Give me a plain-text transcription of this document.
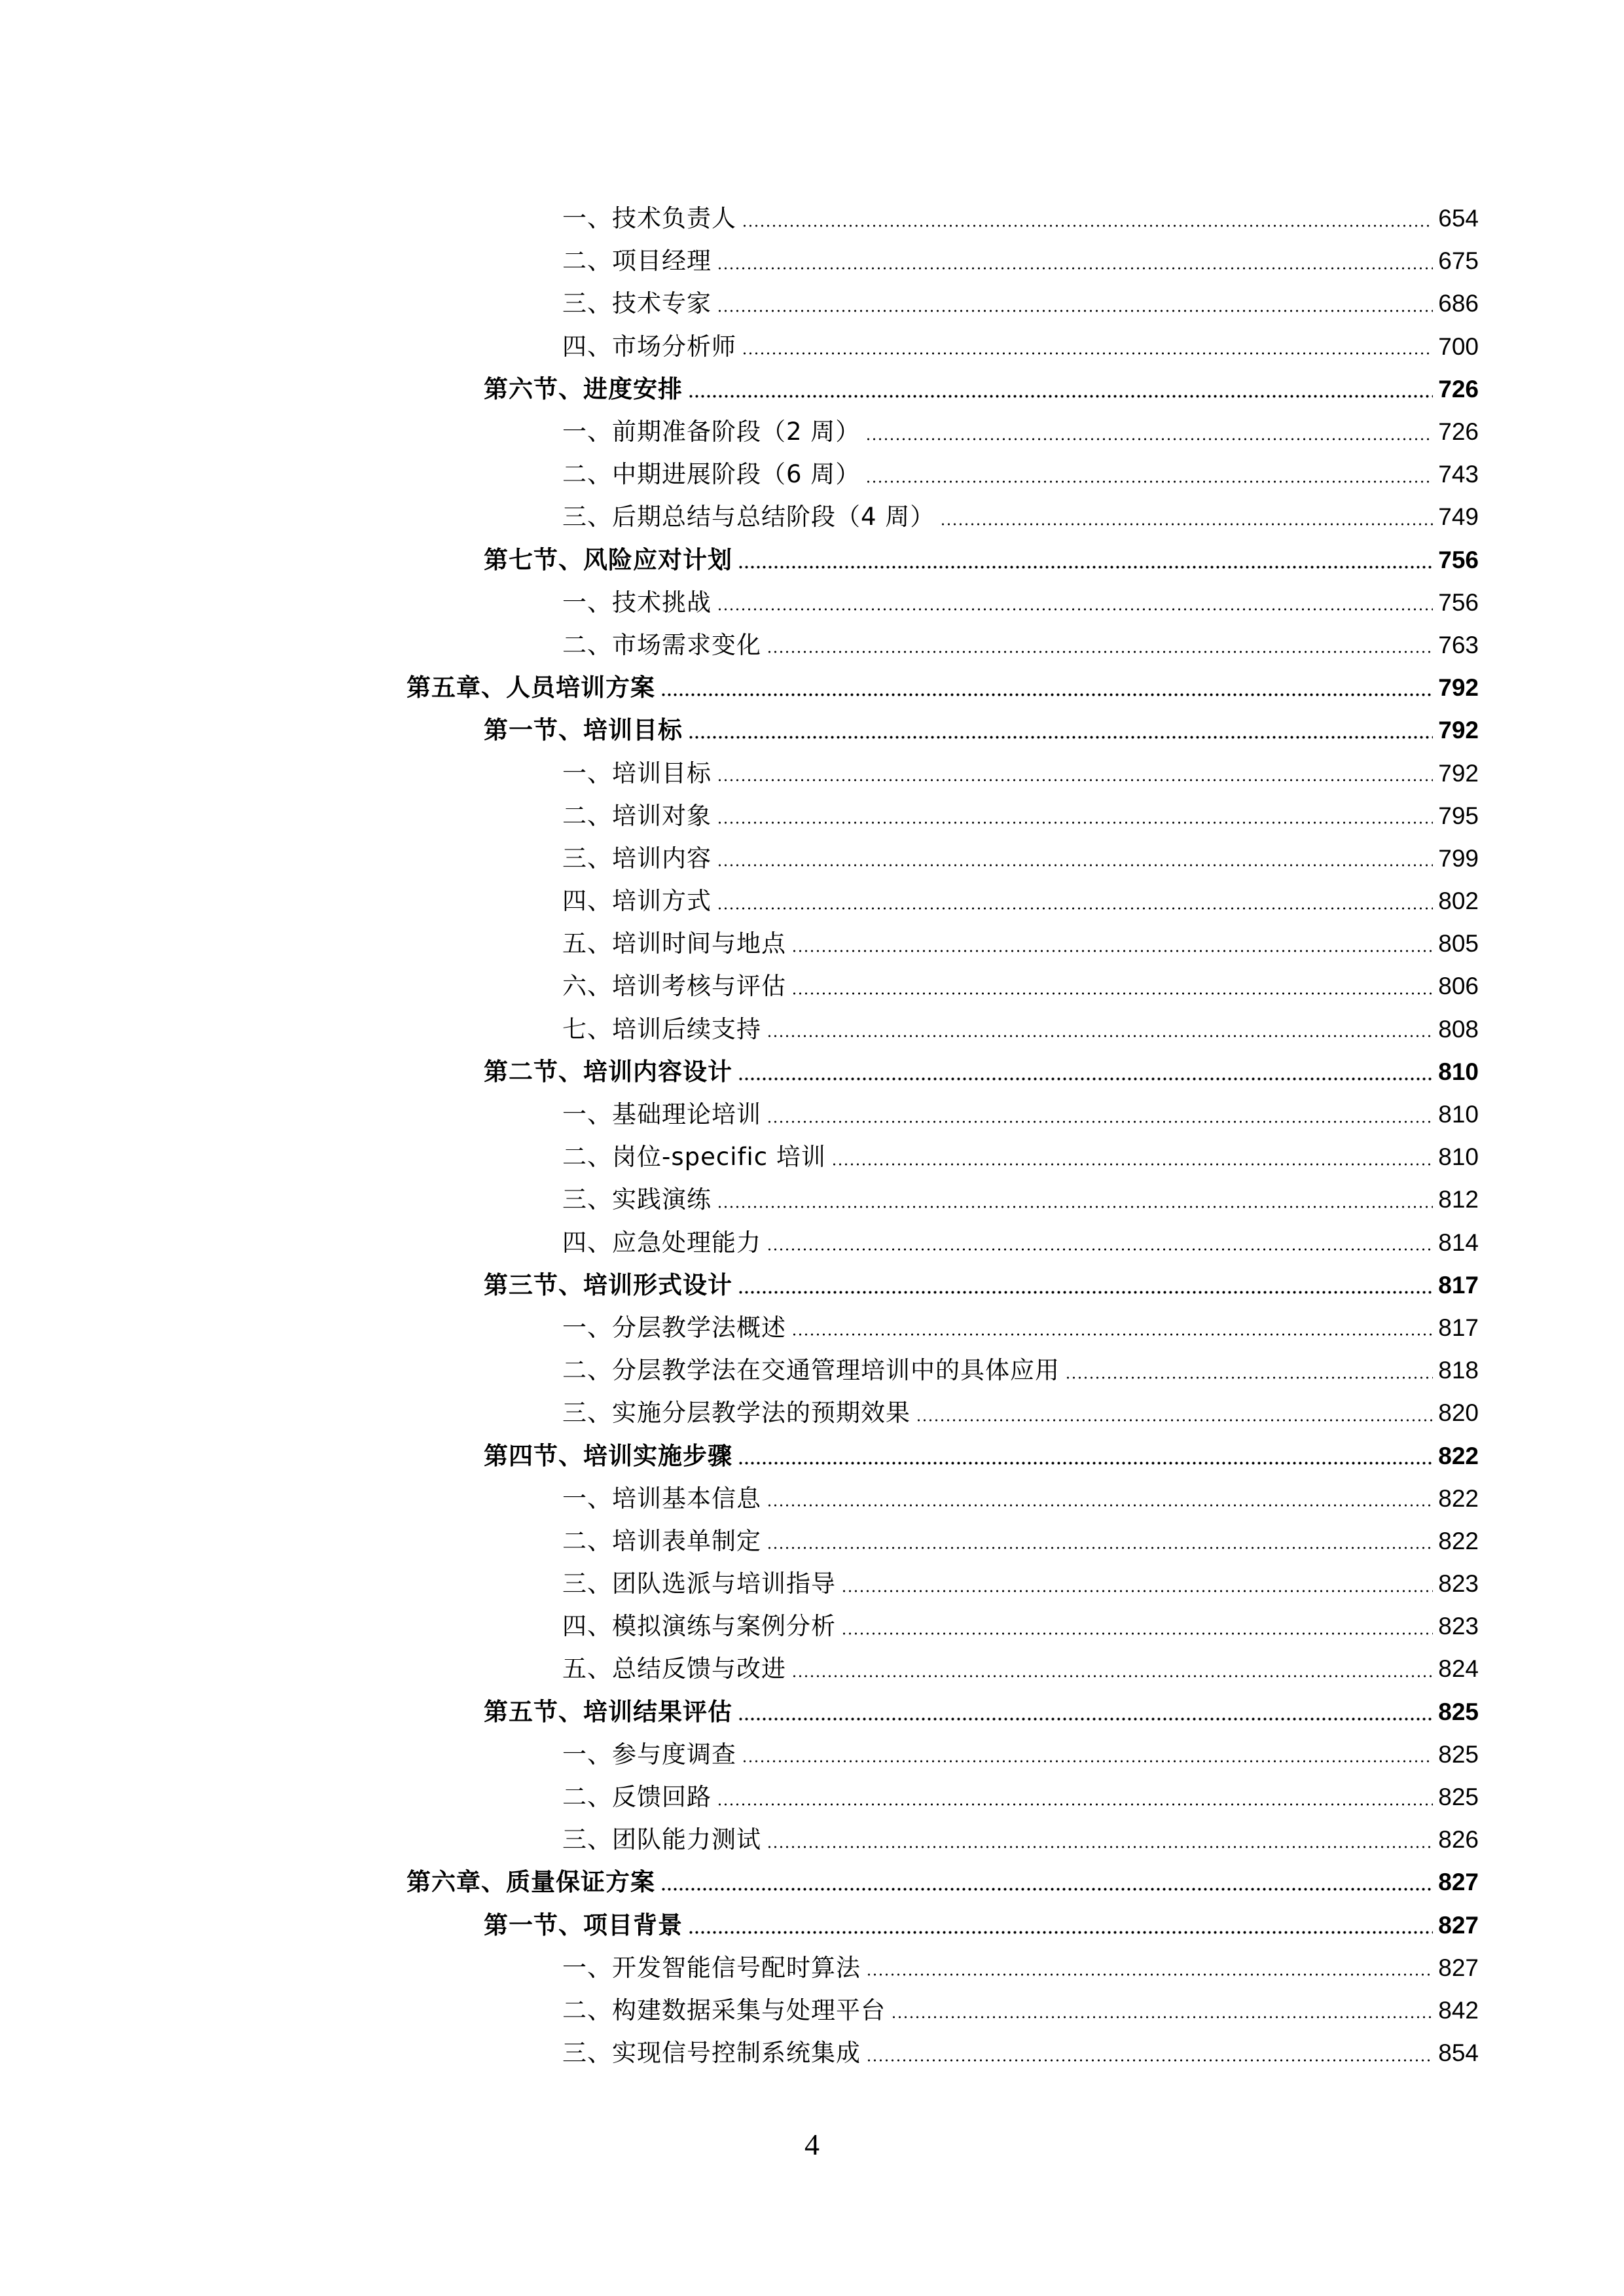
一、技术负责人	654
二、项目经理	675
三、技术专家	686
四、市场分析师	700
第六节、进度安排	726
一、前期准备阶段（2 周）	726
二、中期进展阶段（6 周）	743
三、后期总结与总结阶段（4 周）	749
第七节、风险应对计划	756
一、技术挑战	756
二、市场需求变化	763
第五章、人员培训方案	792
第一节、培训目标	792
一、培训目标	792
二、培训对象	795
三、培训内容	799
四、培训方式	802
五、培训时间与地点	805
六、培训考核与评估	806
七、培训后续支持	808
第二节、培训内容设计	810
一、基础理论培训	810
二、岗位-specific 培训	810
三、实践演练	812
四、应急处理能力	814
第三节、培训形式设计	817
一、分层教学法概述	817
二、分层教学法在交通管理培训中的具体应用	818
三、实施分层教学法的预期效果	820
第四节、培训实施步骤	822
一、培训基本信息	822
二、培训表单制定	822
三、团队选派与培训指导	823
四、模拟演练与案例分析	823
五、总结反馈与改进	824
第五节、培训结果评估	825
一、参与度调查	825
二、反馈回路	825
三、团队能力测试	826
第六章、质量保证方案	827
第一节、项目背景	827
一、开发智能信号配时算法	827
二、构建数据采集与处理平台	842
三、实现信号控制系统集成	854
4
